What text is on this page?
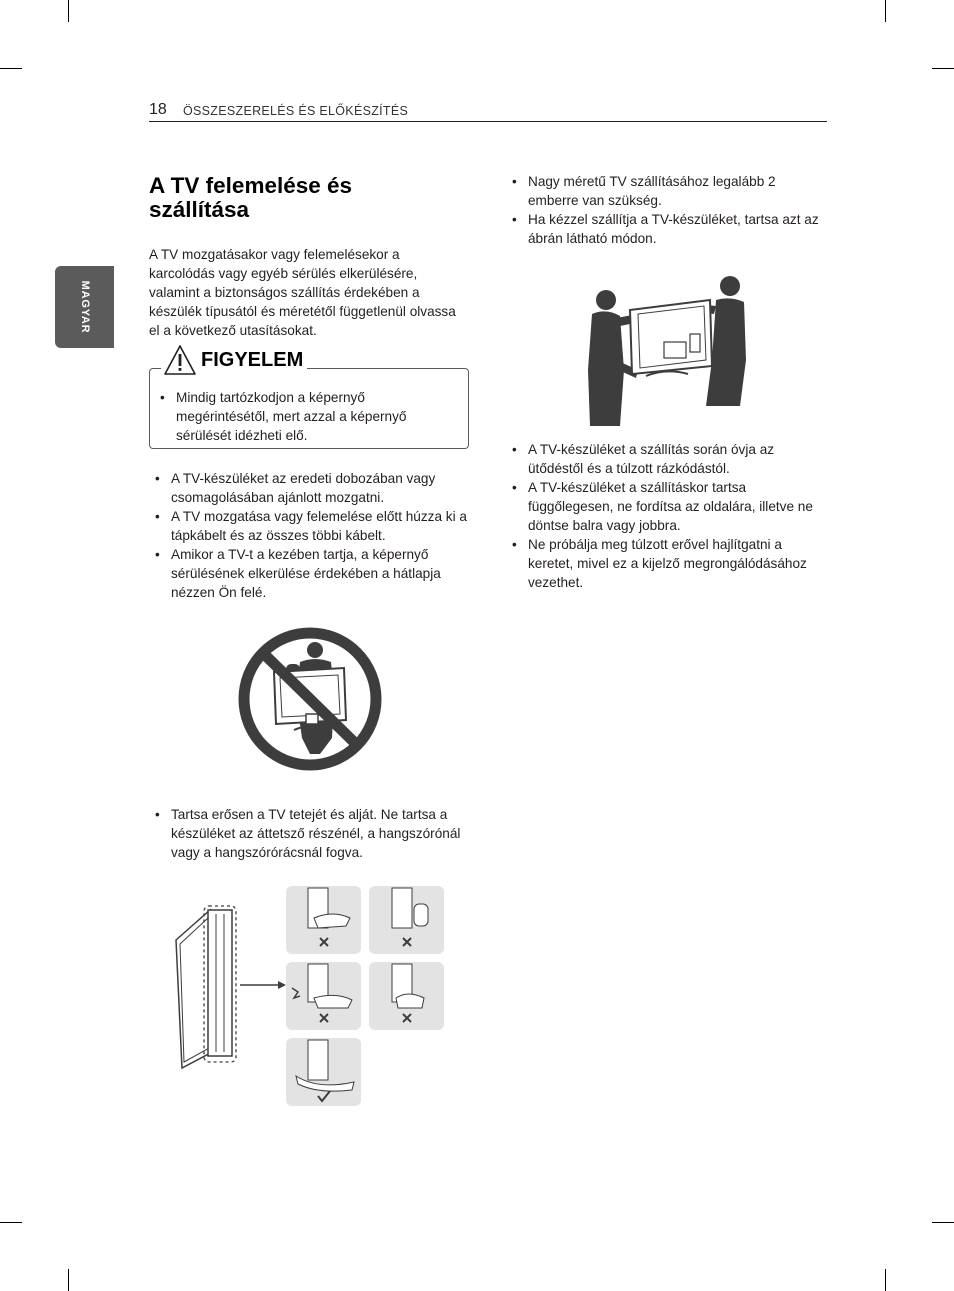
18 ÖSSZESZERELÉS ÉS ELŐKÉSZÍTÉS
MAGYAR
A TV felemelése és szállítása

A TV mozgatásakor vagy felemelésekor a karcolódás vagy egyéb sérülés elkerülésére, valamint a biztonságos szállítás érdekében a készülék típusától és méretétől függetlenül olvassa el a következő utasításokat.

FIGYELEM
• Mindig tartózkodjon a képernyő megérintésétől, mert azzal a képernyő sérülését idézheti elő.
• A TV-készüléket az eredeti dobozában vagy csomagolásában ajánlott mozgatni.
• A TV mozgatása vagy felemelése előtt húzza ki a tápkábelt és az összes többi kábelt.
• Amikor a TV-t a kezében tartja, a képernyő sérülésének elkerülése érdekében a hátlapja nézzen Ön felé.
• Tartsa erősen a TV tetejét és alját. Ne tartsa a készüléket az áttetsző részénél, a hangszórónál vagy a hangszórórácsnál fogva.
• Nagy méretű TV szállításához legalább 2 emberre van szükség.
• Ha kézzel szállítja a TV-készüléket, tartsa azt az ábrán látható módon.
• A TV-készüléket a szállítás során óvja az ütődéstől és a túlzott rázkódástól.
• A TV-készüléket a szállításkor tartsa függőlegesen, ne fordítsa az oldalára, illetve ne döntse balra vagy jobbra.
• Ne próbálja meg túlzott erővel hajlítgatni a keretet, mivel ez a kijelző megrongálódásához vezethet.
